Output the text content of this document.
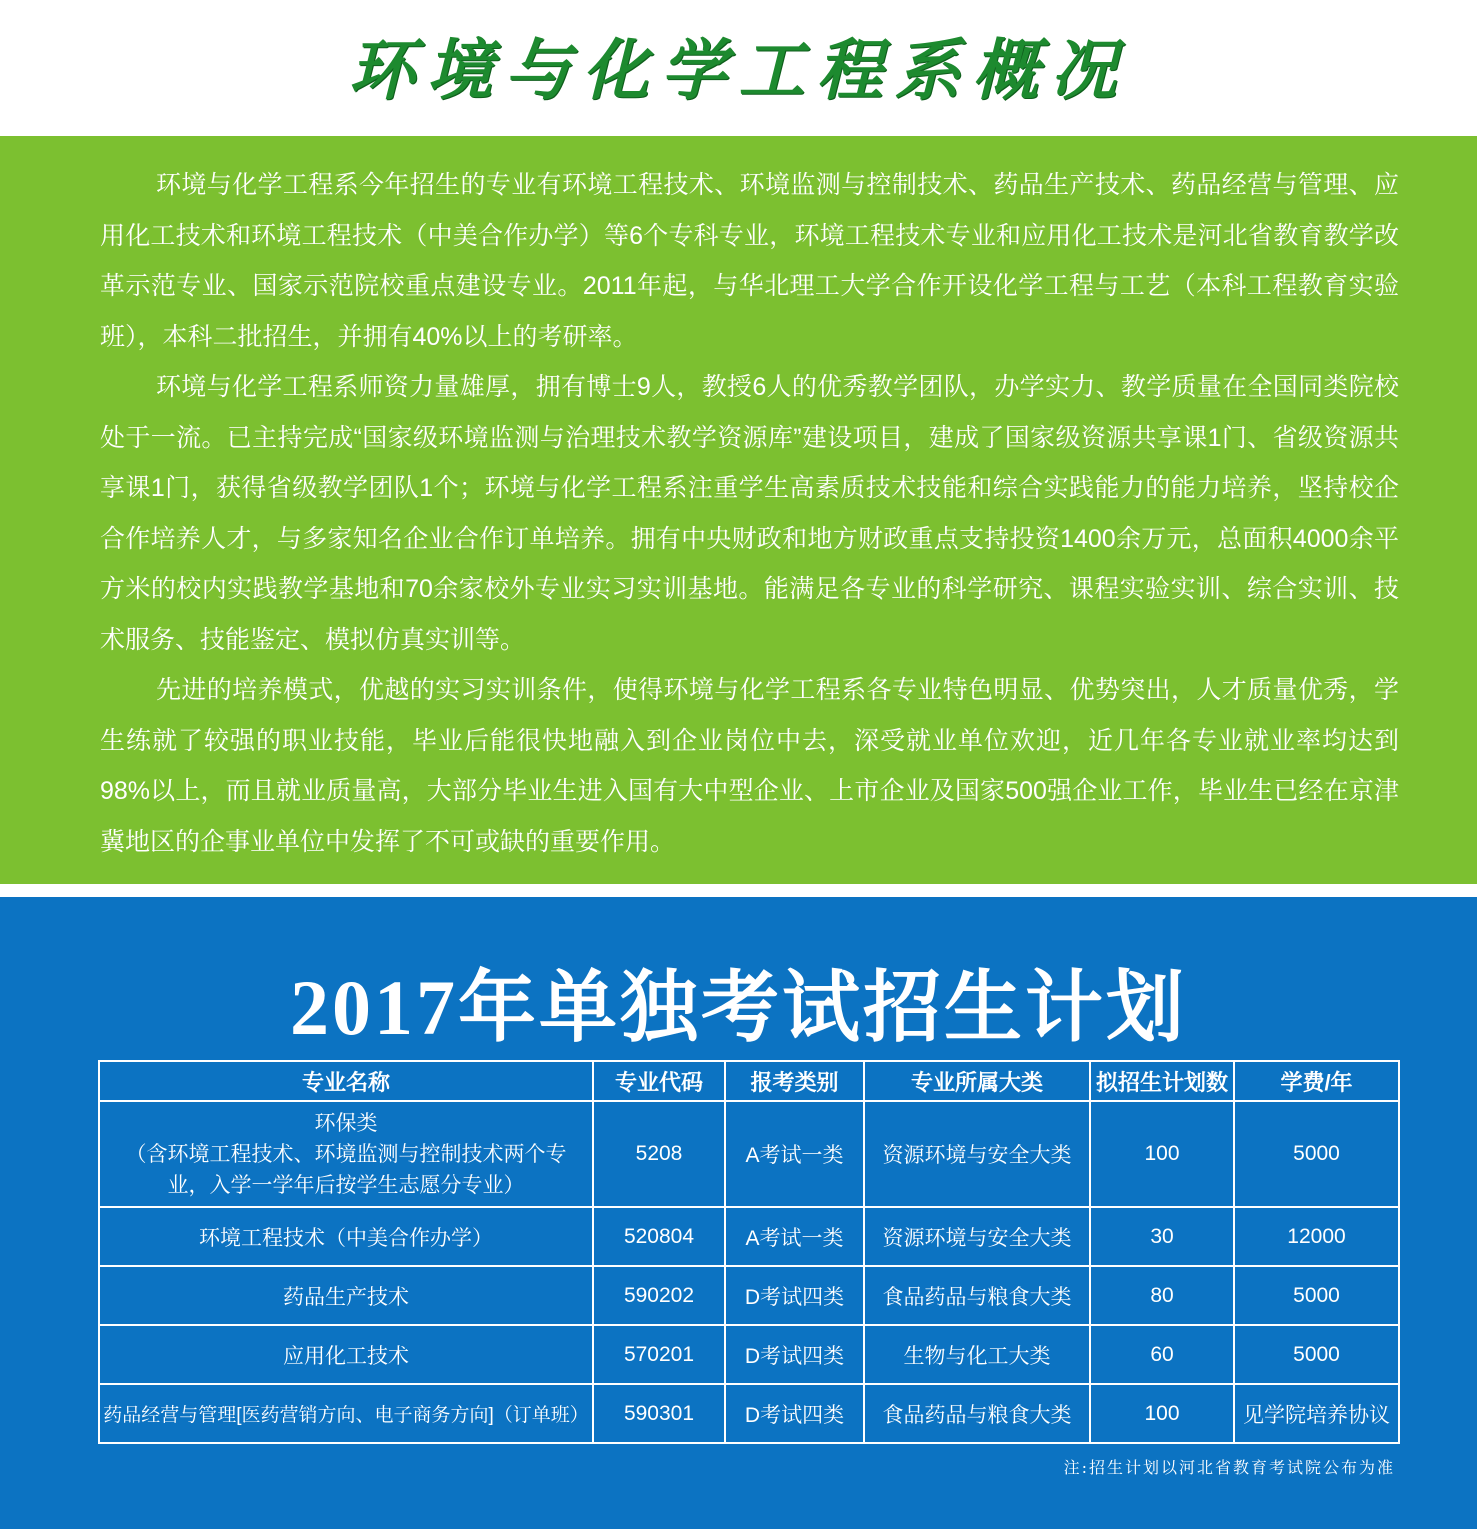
环境与化学工程系概况

环境与化学工程系今年招生的专业有环境工程技术、环境监测与控制技术、药品生产技术、药品经营与管理、应用化工技术和环境工程技术（中美合作办学）等6个专科专业，环境工程技术专业和应用化工技术是河北省教育教学改革示范专业、国家示范院校重点建设专业。2011年起，与华北理工大学合作开设化学工程与工艺（本科工程教育实验班），本科二批招生，并拥有40%以上的考研率。

环境与化学工程系师资力量雄厚，拥有博士9人，教授6人的优秀教学团队，办学实力、教学质量在全国同类院校处于一流。已主持完成“国家级环境监测与治理技术教学资源库”建设项目，建成了国家级资源共享课1门、省级资源共享课1门，获得省级教学团队1个；环境与化学工程系注重学生高素质技术技能和综合实践能力的能力培养，坚持校企合作培养人才，与多家知名企业合作订单培养。拥有中央财政和地方财政重点支持投资1400余万元，总面积4000余平方米的校内实践教学基地和70余家校外专业实习实训基地。能满足各专业的科学研究、课程实验实训、综合实训、技术服务、技能鉴定、模拟仿真实训等。

先进的培养模式，优越的实习实训条件，使得环境与化学工程系各专业特色明显、优势突出，人才质量优秀，学生练就了较强的职业技能，毕业后能很快地融入到企业岗位中去，深受就业单位欢迎，近几年各专业就业率均达到98%以上，而且就业质量高，大部分毕业生进入国有大中型企业、上市企业及国家500强企业工作，毕业生已经在京津冀地区的企事业单位中发挥了不可或缺的重要作用。

2017年单独考试招生计划
专业名称	专业代码	报考类别	专业所属大类	拟招生计划数	学费/年

环保类
（含环境工程技术、环境监测与控制技术两个专
业，入学一学年后按学生志愿分专业）	5208	A考试一类	资源环境与安全大类	100	5000
环境工程技术（中美合作办学）	520804	A考试一类	资源环境与安全大类	30	12000
药品生产技术	590202	D考试四类	食品药品与粮食大类	80	5000
应用化工技术	570201	D考试四类	生物与化工大类	60	5000
药品经营与管理[医药营销方向、电子商务方向]（订单班）	590301	D考试四类	食品药品与粮食大类	100	见学院培养协议
注:招生计划以河北省教育考试院公布为准
